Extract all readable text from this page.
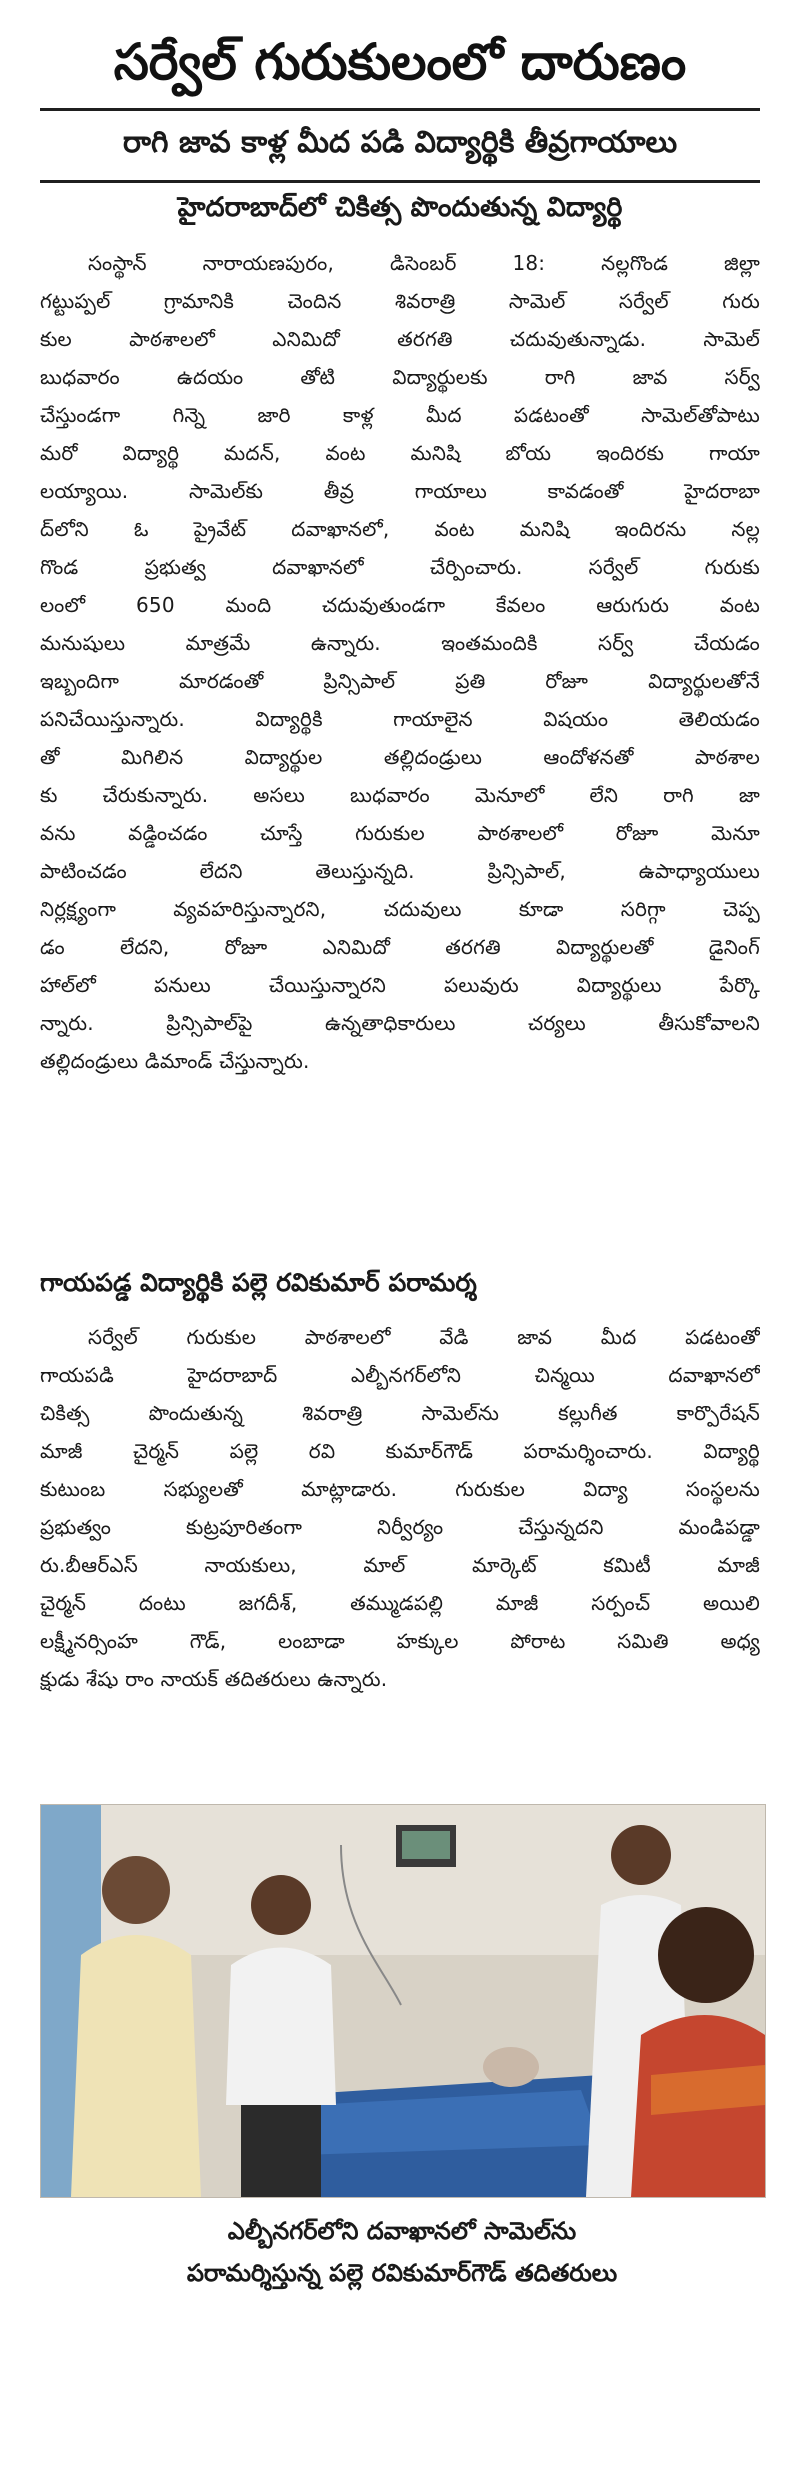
సర్వేల్ గురుకులంలో దారుణం
రాగి జావ కాళ్ల మీద పడి విద్యార్థికి తీవ్రగాయాలు
హైదరాబాద్‌లో చికిత్స పొందుతున్న విద్యార్థి
సంస్థాన్ నారాయణపురం, డిసెంబర్ 18: నల్లగొండ జిల్లా
గట్టుప్పల్ గ్రామానికి చెందిన శివరాత్రి సామెల్ సర్వేల్ గురు
కుల పాఠశాలలో ఎనిమిదో తరగతి చదువుతున్నాడు. సామెల్
బుధవారం ఉదయం తోటి విద్యార్థులకు రాగి జావ సర్వ్
చేస్తుండగా గిన్నె జారి కాళ్ల మీద పడటంతో సామెల్‌తోపాటు
మరో విద్యార్థి మదన్, వంట మనిషి బోయ ఇందిరకు గాయా
లయ్యాయి. సామెల్‌కు తీవ్ర గాయాలు కావడంతో హైదరాబా
ద్‌లోని ఓ ప్రైవేట్ దవాఖానలో, వంట మనిషి ఇందిరను నల్ల
గొండ ప్రభుత్వ దవాఖానలో చేర్పించారు. సర్వేల్ గురుకు
లంలో 650 మంది చదువుతుండగా కేవలం ఆరుగురు వంట
మనుషులు మాత్రమే ఉన్నారు. ఇంతమందికి సర్వ్ చేయడం
ఇబ్బందిగా మారడంతో ప్రిన్సిపాల్ ప్రతి రోజూ విద్యార్థులతోనే
పనిచేయిస్తున్నారు. విద్యార్థికి గాయాలైన విషయం తెలియడం
తో మిగిలిన విద్యార్థుల తల్లిదండ్రులు ఆందోళనతో పాఠశాల
కు చేరుకున్నారు. అసలు బుధవారం మెనూలో లేని రాగి జా
వను వడ్డించడం చూస్తే గురుకుల పాఠశాలలో రోజూ మెనూ
పాటించడం లేదని తెలుస్తున్నది. ప్రిన్సిపాల్, ఉపాధ్యాయులు
నిర్లక్ష్యంగా వ్యవహరిస్తున్నారని, చదువులు కూడా సరిగ్గా చెప్ప
డం లేదని, రోజూ ఎనిమిదో తరగతి విద్యార్థులతో డైనింగ్
హాల్‌లో పనులు చేయిస్తున్నారని పలువురు విద్యార్థులు పేర్కొ
న్నారు. ప్రిన్సిపాల్‌పై ఉన్నతాధికారులు చర్యలు తీసుకోవాలని
తల్లిదండ్రులు డిమాండ్ చేస్తున్నారు.
గాయపడ్డ విద్యార్థికి పల్లె రవికుమార్ పరామర్శ
సర్వేల్ గురుకుల పాఠశాలలో వేడి జావ మీద పడటంతో
గాయపడి హైదరాబాద్ ఎల్బీనగర్‌లోని చిన్మయి దవాఖానలో
చికిత్స పొందుతున్న శివరాత్రి సామెల్‌ను కల్లుగీత కార్పొరేషన్
మాజీ చైర్మన్ పల్లె రవి కుమార్‌గౌడ్ పరామర్శించారు. విద్యార్థి
కుటుంబ సభ్యులతో మాట్లాడారు. గురుకుల విద్యా సంస్థలను
ప్రభుత్వం కుట్రపూరితంగా నిర్వీర్యం చేస్తున్నదని మండిపడ్డా
రు.బీఆర్‌ఎస్ నాయకులు, మాల్ మార్కెట్ కమిటీ మాజీ
చైర్మన్ దంటు జగదీశ్, తమ్ముడపల్లి మాజీ సర్పంచ్ అయిలి
లక్ష్మీనర్సింహ గౌడ్, లంబాడా హక్కుల పోరాట సమితి అధ్య
క్షుడు శేషు రాం నాయక్ తదితరులు ఉన్నారు.
ఎల్బీనగర్‌లోని దవాఖానలో సామెల్‌ను
పరామర్శిస్తున్న పల్లె రవికుమార్‌గౌడ్ తదితరులు
